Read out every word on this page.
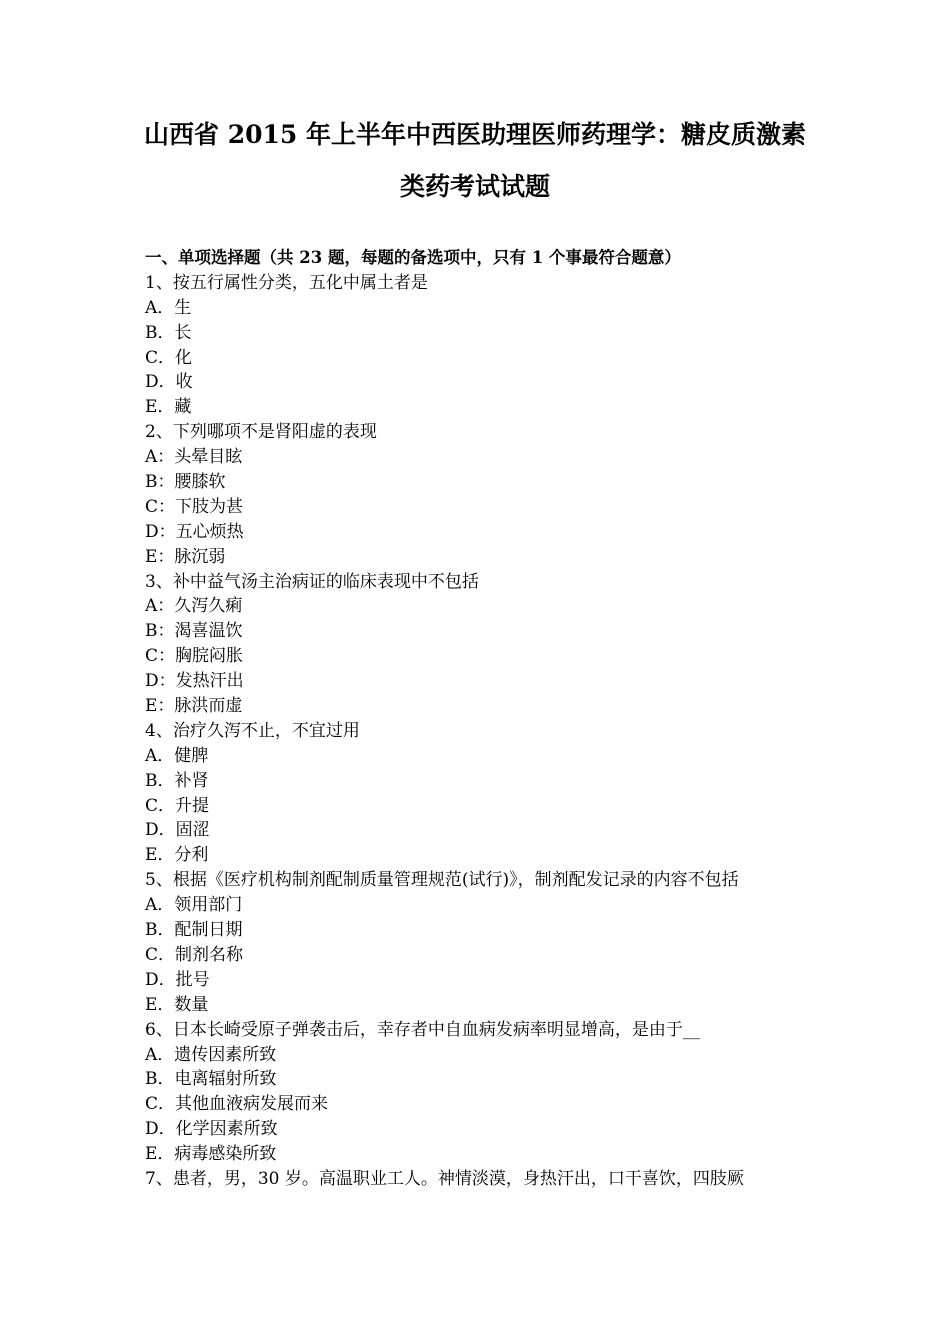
山西省 2015 年上半年中西医助理医师药理学：糖皮质激素
类药考试试题
一、单项选择题（共 23 题，每题的备选项中，只有 1 个事最符合题意）
1、按五行属性分类，五化中属土者是
A．生
B．长
C．化
D．收
E．藏
2、下列哪项不是肾阳虚的表现
A：头晕目眩
B：腰膝软
C：下肢为甚
D：五心烦热
E：脉沉弱
3、补中益气汤主治病证的临床表现中不包括
A：久泻久痢
B：渴喜温饮
C：胸脘闷胀
D：发热汗出
E：脉洪而虚
4、治疗久泻不止，不宜过用
A．健脾
B．补肾
C．升提
D．固涩
E．分利
5、根据《医疗机构制剂配制质量管理规范(试行)》，制剂配发记录的内容不包括
A．领用部门
B．配制日期
C．制剂名称
D．批号
E．数量
6、日本长崎受原子弹袭击后，幸存者中自血病发病率明显增高，是由于__
A．遗传因素所致
B．电离辐射所致
C．其他血液病发展而来
D．化学因素所致
E．病毒感染所致
7、患者，男，30 岁。高温职业工人。神情淡漠，身热汗出，口干喜饮，四肢厥
